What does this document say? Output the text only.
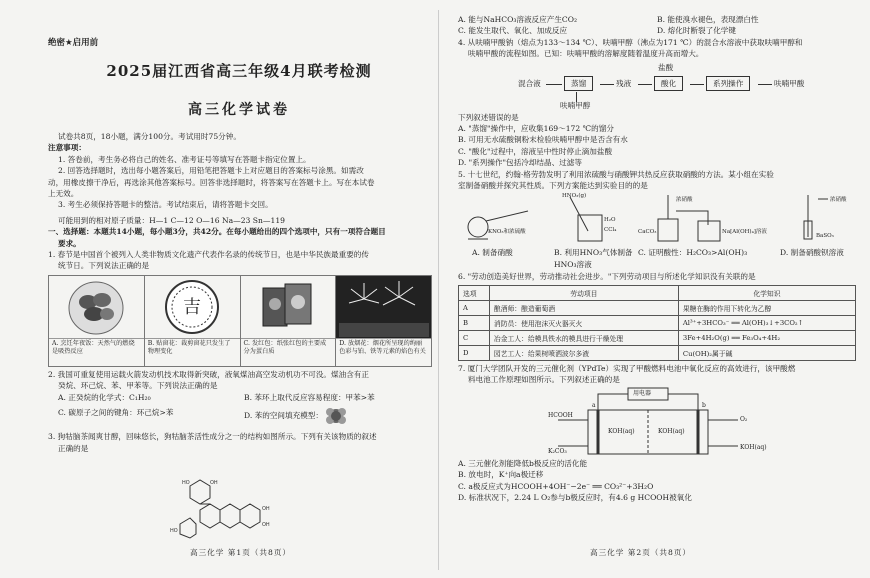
绝密★启用前

2025届江西省高三年级4月联考检测

高三化学试卷

试卷共8页，18小题，满分100分。考试用时75分钟。

注意事项：

1. 答卷前，考生务必将自己的姓名、准考证号等填写在答题卡指定位置上。

2. 回答选择题时，选出每小题答案后，用铅笔把答题卡上对应题目的答案标号涂黑。如需改

动，用橡皮擦干净后，再选涂其他答案标号。回答非选择题时，将答案写在答题卡上。写在本试卷

上无效。

3. 考生必须保持答题卡的整洁。考试结束后，请将答题卡交回。

可能用到的相对原子质量：H—1 C—12 O—16 Na—23 Sn—119

一、选择题：本题共14小题，每小题3分，共42分。在每小题给出的四个选项中，只有一项符合题目

要求。

1. 春节是中国首个被列入人类非物质文化遗产代表作名录的传统节日，也是中华民族最重要的传

统节日。下列说法正确的是

A. 烹饪年夜饭：天然气的燃烧是吸热反应
吉
B. 贴窗花：裁剪窗花只发生了物理变化
C. 发红包：纸张红包的主要成分为蛋白质
D. 放烟花：烟花所呈现的绚丽色彩与铂、铁等元素的焰色有关

2. 我国可重复使用运载火箭发动机技术取得新突破，液氧煤油高空发动机功不可没。煤油含有正

癸烷、环己烷、苯、甲苯等。下列说法正确的是

A. 正癸烷的化学式：C₁H₂₀	B. 苯环上取代反应容易程度：甲苯>苯

C. 碳原子之间的键角：环己烷>苯	D. 苯的空间填充模型：

3. 狗牯脑茶闻爽甘醇，回味悠长，狗牯脑茶活性成分之一的结构如图所示。下列有关该物质的叙述

正确的是

HO	OH
OH
OH
HO

高三化学 第1页（共8页）

A. 能与NaHCO₃溶液反应产生CO₂	B. 能使溴水褪色，表现漂白性

C. 能发生取代、氧化、加成反应	D. 熔化时断裂了化学键

4. 从呋喃甲酸钠（熔点为133～134 ℃）、呋喃甲醇（沸点为171 ℃）的混合水溶液中获取呋喃甲醇和

呋喃甲酸的流程如图。已知：呋喃甲酸的溶解度随着温度升高而增大。

混合液	蒸馏
呋喃甲醇
残液
盐酸
酸化	系列操作	呋喃甲酸

下列叙述错误的是

A. "蒸馏"操作中，应收集169～172 ℃的馏分

B. 可用无水硫酸铜粉末检验呋喃甲醇中是否含有水

C. "酸化"过程中，溶液呈中性时停止滴加盐酸

D. "系列操作"包括冷却结晶、过滤等

5. 十七世纪，约翰·格劳勃发明了利用浓硫酸与硝酸钾共热反应获取硝酸的方法。某小组在实验

室制备硝酸并探究其性质。下列方案能达到实验目的的是

KNO₃和浓硫酸
HNO₃(g)
H₂O
CCl₄
浓硝酸
CaCO₃	Na[Al(OH)₄]溶液
浓硝酸
BaSO₃

A. 制备硝酸	B. 利用HNO₃气体制备HNO₃溶液

C. 证明酸性：H₂CO₃>Al(OH)₃	D. 制备硝酸钡溶液

6. "劳动创造美好世界，劳动推动社会进步。"下列劳动项目与所述化学知识没有关联的是

选项	劳动项目	化学知识
A	酿酒师：酿造葡萄酒	果糖在酶的作用下转化为乙醇
B	消防员：使用泡沫灭火器灭火	Al³⁺+3HCO₃⁻ ══ Al(OH)₃↓+3CO₂↑
C	冶金工人：给模具铁水的模具进行干燥处理	3Fe+4H₂O(g) ══ Fe₃O₄+4H₂
D	园艺工人：给果树喷洒波尔多液	Cu(OH)₂属于碱

7. 厦门大学团队开发的三元催化剂（YPdTe）实现了甲酸燃料电池中氧化反应的高效进行，该甲酸燃

料电池工作原理如图所示。下列叙述正确的是

用电器
a	b
HCOOH
K₂CO₃
KOH(aq)	KOH(aq)
O₂
KOH(aq)

A. 三元催化剂能降低b极反应的活化能

B. 放电时，K⁺向a极迁移

C. a极反应式为HCOOH+4OH⁻−2e⁻ ══ CO₃²⁻+3H₂O

D. 标准状况下，2.24 L O₂参与b极反应时，有4.6 g HCOOH被氧化

高三化学 第2页（共8页）
